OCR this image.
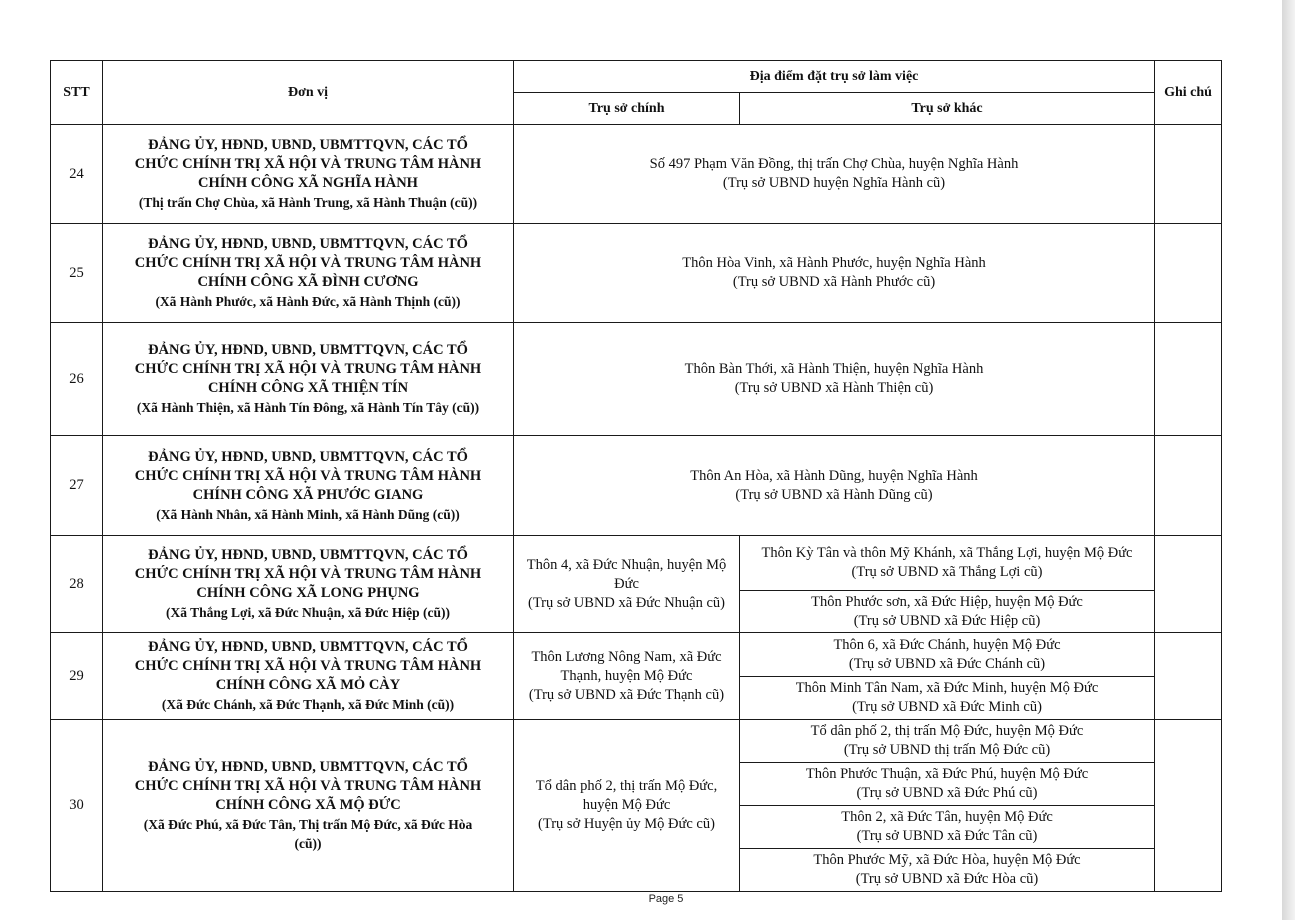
STT	Đơn vị	Địa điểm đặt trụ sở làm việc		Ghi chú
		Trụ sở chính	Trụ sở khác	
24	ĐẢNG ỦY, HĐND, UBND, UBMTTQVN, CÁC TỔ
CHỨC CHÍNH TRỊ XÃ HỘI VÀ TRUNG TÂM HÀNH
CHÍNH CÔNG XÃ NGHĨA HÀNH
(Thị trấn Chợ Chùa, xã Hành Trung, xã Hành Thuận (cũ))	Số 497 Phạm Văn Đồng, thị trấn Chợ Chùa, huyện Nghĩa Hành
(Trụ sở UBND huyện Nghĩa Hành cũ)		

25	ĐẢNG ỦY, HĐND, UBND, UBMTTQVN, CÁC TỔ
CHỨC CHÍNH TRỊ XÃ HỘI VÀ TRUNG TÂM HÀNH
CHÍNH CÔNG XÃ ĐÌNH CƯƠNG
(Xã Hành Phước, xã Hành Đức, xã Hành Thịnh (cũ))	Thôn Hòa Vinh, xã Hành Phước, huyện Nghĩa Hành
(Trụ sở UBND xã Hành Phước cũ)		

26	ĐẢNG ỦY, HĐND, UBND, UBMTTQVN, CÁC TỔ
CHỨC CHÍNH TRỊ XÃ HỘI VÀ TRUNG TÂM HÀNH
CHÍNH CÔNG XÃ THIỆN TÍN
(Xã Hành Thiện, xã Hành Tín Đông, xã Hành Tín Tây (cũ))	Thôn Bàn Thới, xã Hành Thiện, huyện Nghĩa Hành
(Trụ sở UBND xã Hành Thiện cũ)		

27	ĐẢNG ỦY, HĐND, UBND, UBMTTQVN, CÁC TỔ
CHỨC CHÍNH TRỊ XÃ HỘI VÀ TRUNG TÂM HÀNH
CHÍNH CÔNG XÃ PHƯỚC GIANG
(Xã Hành Nhân, xã Hành Minh, xã Hành Dũng (cũ))	Thôn An Hòa, xã Hành Dũng, huyện Nghĩa Hành
(Trụ sở UBND xã Hành Dũng cũ)		

28	ĐẢNG ỦY, HĐND, UBND, UBMTTQVN, CÁC TỔ
CHỨC CHÍNH TRỊ XÃ HỘI VÀ TRUNG TÂM HÀNH
CHÍNH CÔNG XÃ LONG PHỤNG
(Xã Thắng Lợi, xã Đức Nhuận, xã Đức Hiệp (cũ))	Thôn 4, xã Đức Nhuận, huyện Mộ
Đức
(Trụ sở UBND xã Đức Nhuận cũ)	Thôn Kỳ Tân và thôn Mỹ Khánh, xã Thắng Lợi, huyện Mộ Đức
(Trụ sở UBND xã Thắng Lợi cũ)	

			Thôn Phước sơn, xã Đức Hiệp, huyện Mộ Đức
(Trụ sở UBND xã Đức Hiệp cũ)	

29	ĐẢNG ỦY, HĐND, UBND, UBMTTQVN, CÁC TỔ
CHỨC CHÍNH TRỊ XÃ HỘI VÀ TRUNG TÂM HÀNH
CHÍNH CÔNG XÃ MỎ CÀY
(Xã Đức Chánh, xã Đức Thạnh, xã Đức Minh (cũ))	Thôn Lương Nông Nam, xã Đức
Thạnh, huyện Mộ Đức
(Trụ sở UBND xã Đức Thạnh cũ)	Thôn 6, xã Đức Chánh, huyện Mộ Đức
(Trụ sở UBND xã Đức Chánh cũ)	

			Thôn Minh Tân Nam, xã Đức Minh, huyện Mộ Đức
(Trụ sở UBND xã Đức Minh cũ)	

30	ĐẢNG ỦY, HĐND, UBND, UBMTTQVN, CÁC TỔ
CHỨC CHÍNH TRỊ XÃ HỘI VÀ TRUNG TÂM HÀNH
CHÍNH CÔNG XÃ MỘ ĐỨC
(Xã Đức Phú, xã Đức Tân, Thị trấn Mộ Đức, xã Đức Hòa
(cũ))	Tổ dân phố 2, thị trấn Mộ Đức,
huyện Mộ Đức
(Trụ sở Huyện ủy Mộ Đức cũ)	Tổ dân phố 2, thị trấn Mộ Đức, huyện Mộ Đức
(Trụ sở UBND thị trấn Mộ Đức cũ)	

			Thôn Phước Thuận, xã Đức Phú, huyện Mộ Đức
(Trụ sở UBND xã Đức Phú cũ)	

			Thôn 2, xã Đức Tân, huyện Mộ Đức
(Trụ sở UBND xã Đức Tân cũ)	

			Thôn Phước Mỹ, xã Đức Hòa, huyện Mộ Đức
(Trụ sở UBND xã Đức Hòa cũ)	
Page 5
